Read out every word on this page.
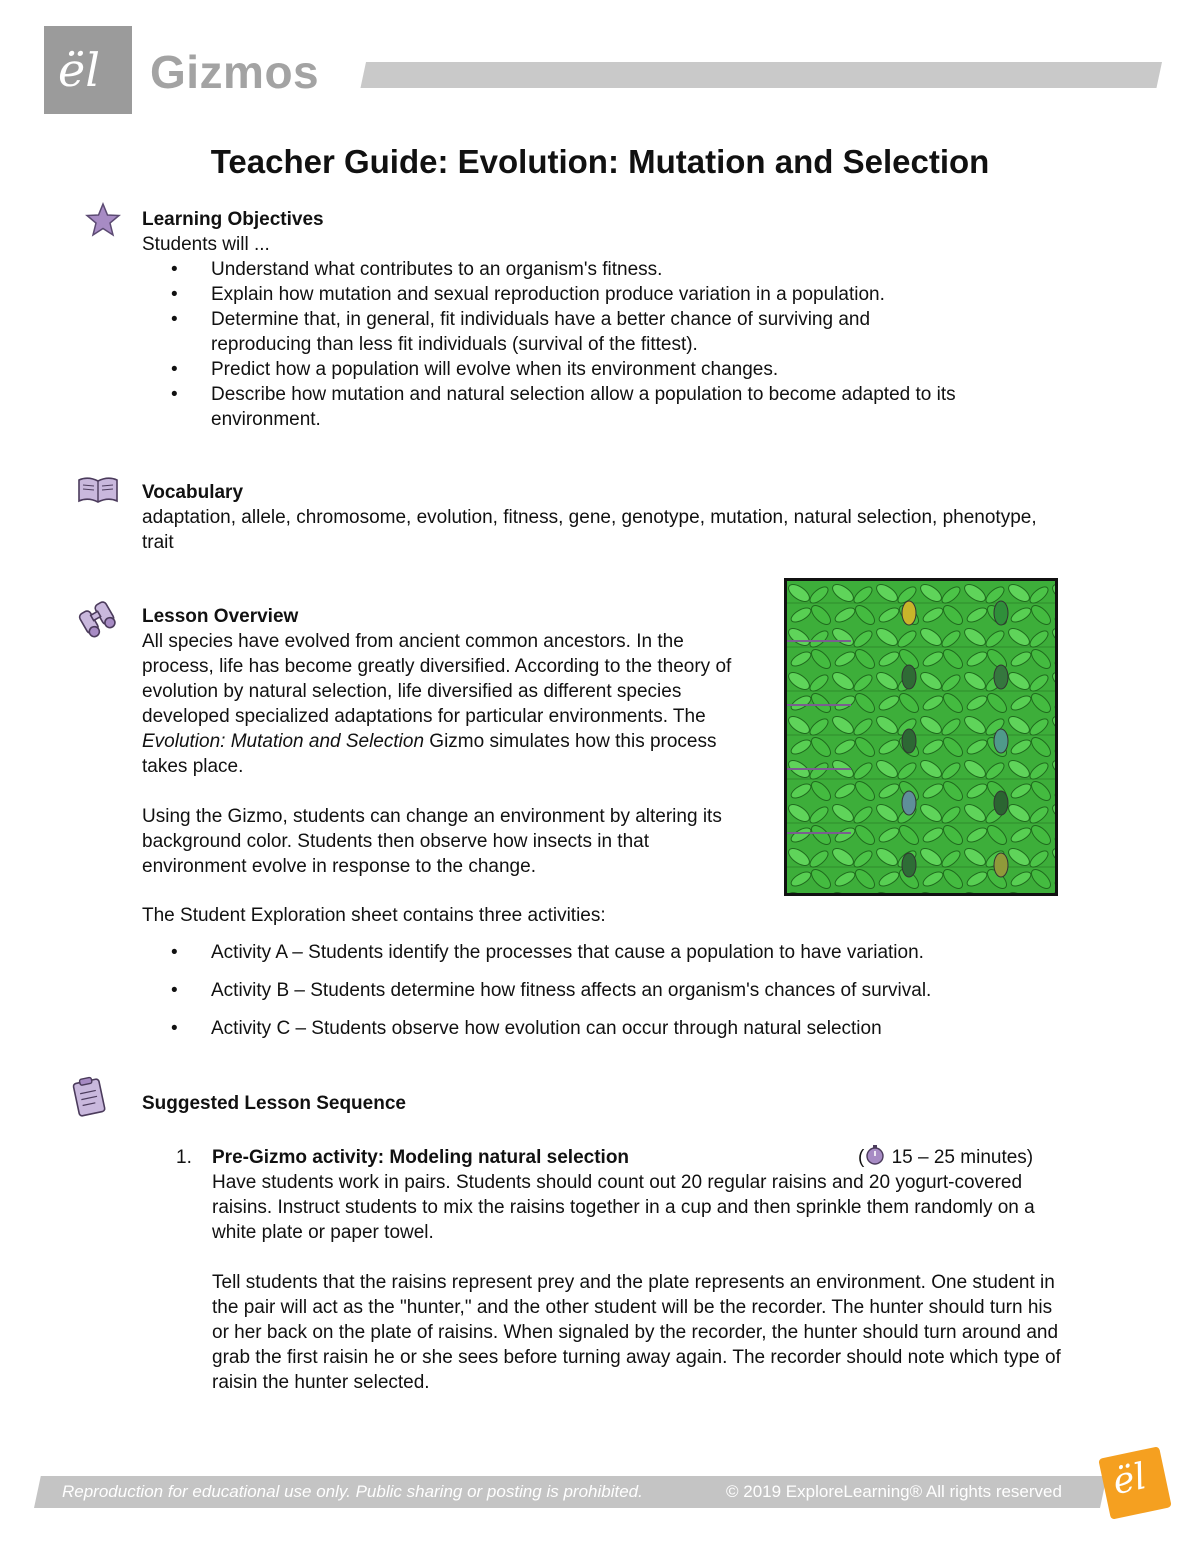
ël Gizmos
Teacher Guide: Evolution: Mutation and Selection
Learning Objectives
Students will ...
• Understand what contributes to an organism's fitness.
• Explain how mutation and sexual reproduction produce variation in a population.
• Determine that, in general, fit individuals have a better chance of surviving and reproducing than less fit individuals (survival of the fittest).
• Predict how a population will evolve when its environment changes.
• Describe how mutation and natural selection allow a population to become adapted to its environment.
Vocabulary
adaptation, allele, chromosome, evolution, fitness, gene, genotype, mutation, natural selection, phenotype, trait
Lesson Overview
All species have evolved from ancient common ancestors. In the process, life has become greatly diversified. According to the theory of evolution by natural selection, life diversified as different species developed specialized adaptations for particular environments. The Evolution: Mutation and Selection Gizmo simulates how this process takes place.
Using the Gizmo, students can change an environment by altering its background color. Students then observe how insects in that environment evolve in response to the change.
The Student Exploration sheet contains three activities:
• Activity A – Students identify the processes that cause a population to have variation.
• Activity B – Students determine how fitness affects an organism's chances of survival.
• Activity C – Students observe how evolution can occur through natural selection
Suggested Lesson Sequence
1. Pre-Gizmo activity: Modeling natural selection	( 15 – 25 minutes)
Have students work in pairs. Students should count out 20 regular raisins and 20 yogurt-covered raisins. Instruct students to mix the raisins together in a cup and then sprinkle them randomly on a white plate or paper towel.
Tell students that the raisins represent prey and the plate represents an environment. One student in the pair will act as the "hunter," and the other student will be the recorder. The hunter should turn his or her back on the plate of raisins. When signaled by the recorder, the hunter should turn around and grab the first raisin he or she sees before turning away again. The recorder should note which type of raisin the hunter selected.
Reproduction for educational use only. Public sharing or posting is prohibited.	© 2019 ExploreLearning® All rights reserved ël
